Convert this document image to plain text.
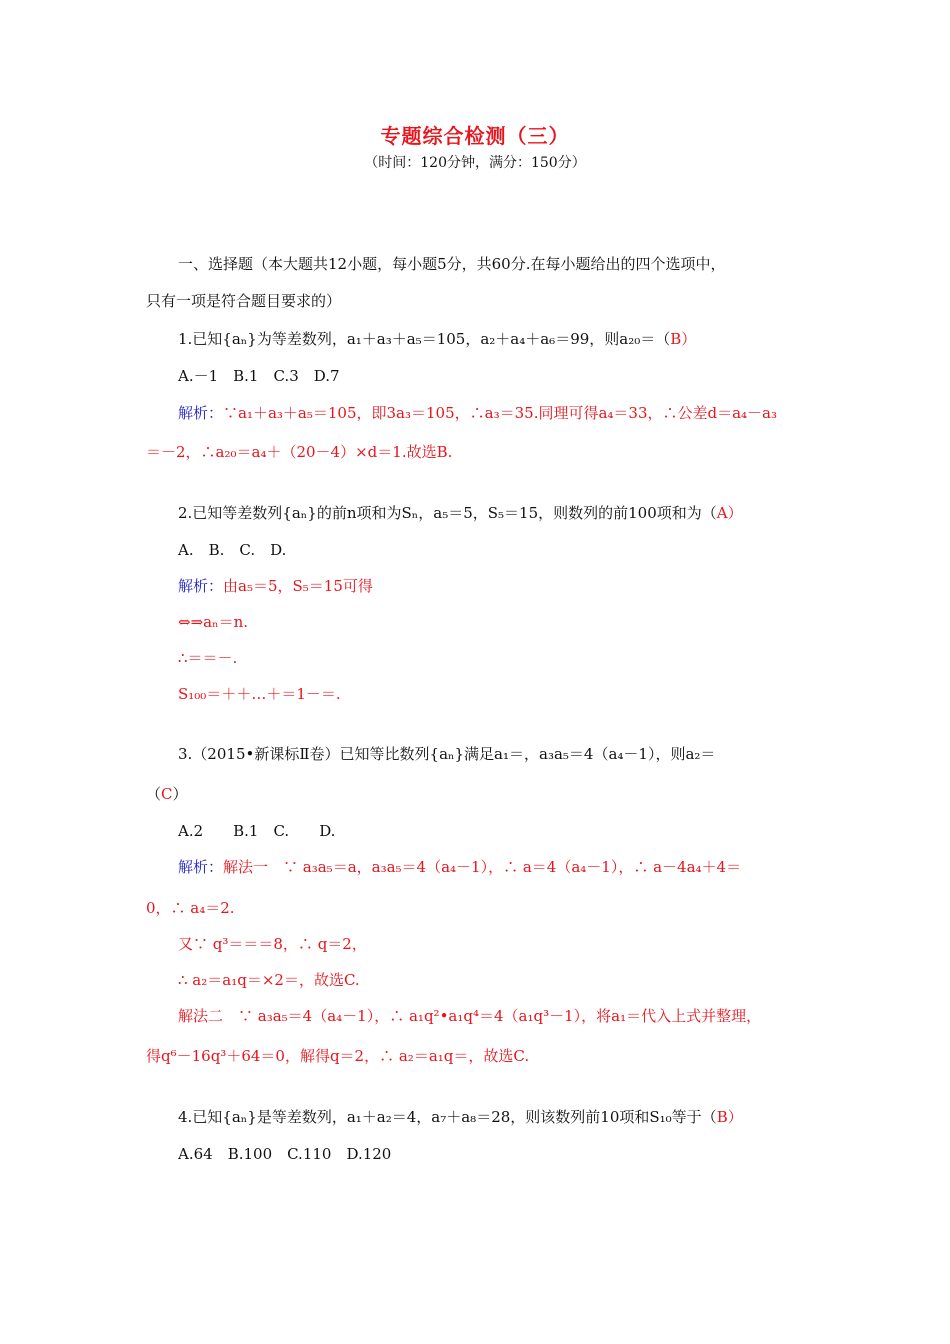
专题综合检测（三）
（时间：120分钟，满分：150分）
一、选择题（本大题共12小题，每小题5分，共60分.在每小题给出的四个选项中，
只有一项是符合题目要求的）
1.已知{aₙ}为等差数列，a₁＋a₃＋a₅＝105，a₂＋a₄＋a₆＝99，则a₂₀＝（B）
A.－1　B.1　C.3　D.7
解析：∵a₁＋a₃＋a₅＝105，即3a₃＝105，∴a₃＝35.同理可得a₄＝33，∴公差d＝a₄－a₃
＝－2，∴a₂₀＝a₄＋（20－4）×d＝1.故选B.
2.已知等差数列{aₙ}的前n项和为Sₙ，a₅＝5，S₅＝15，则数列的前100项和为（A）
A.　B.　C.　D.
解析：由a₅＝5，S₅＝15可得
⇔⇒aₙ＝n.
∴＝＝－.
S₁₀₀＝＋＋…＋＝1－＝.
3.（2015•新课标Ⅱ卷）已知等比数列{aₙ}满足a₁＝，a₃a₅＝4（a₄－1），则a₂＝
（C）
A.2　　B.1　C.　　D.
解析：解法一　∵ a₃a₅＝a，a₃a₅＝4（a₄－1），∴ a＝4（a₄－1），∴ a－4a₄＋4＝
0，∴ a₄＝2.
又∵ q³＝＝＝8，∴ q＝2，
∴ a₂＝a₁q＝×2＝，故选C.
解法二　∵ a₃a₅＝4（a₄－1），∴ a₁q²•a₁q⁴＝4（a₁q³－1），将a₁＝代入上式并整理，
得q⁶－16q³＋64＝0，解得q＝2，∴ a₂＝a₁q＝，故选C.
4.已知{aₙ}是等差数列，a₁＋a₂＝4，a₇＋a₈＝28，则该数列前10项和S₁₀等于（B）
A.64　B.100　C.110　D.120
